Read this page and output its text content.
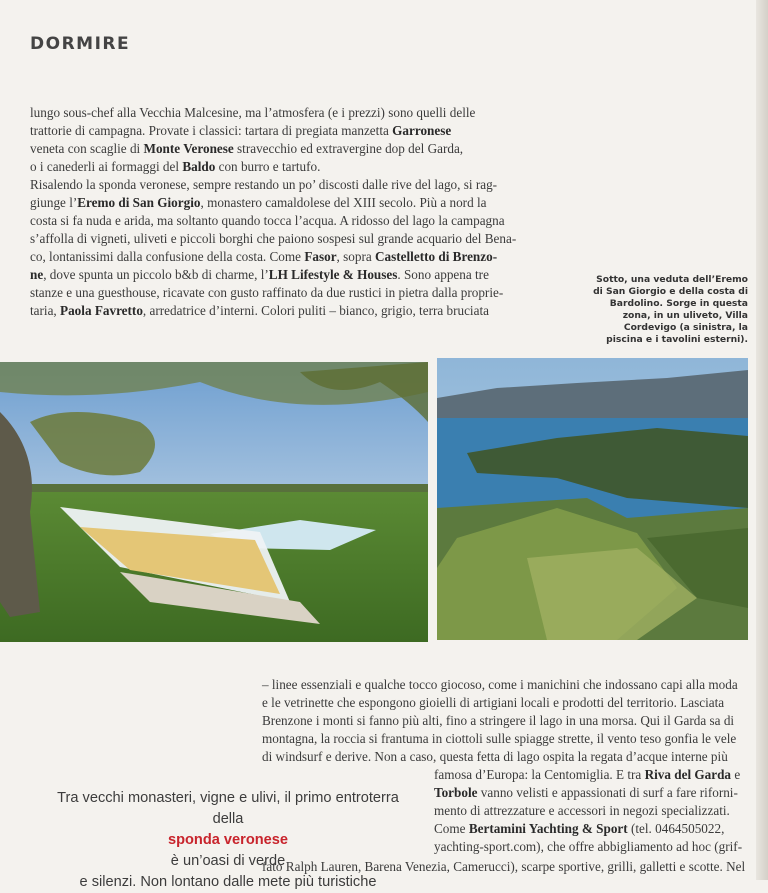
DORMIRE
lungo sous-chef alla Vecchia Malcesine, ma l’atmosfera (e i prezzi) sono quelli delle
trattorie di campagna. Provate i classici: tartara di pregiata manzetta Garronese
veneta con scaglie di Monte Veronese stravecchio ed extravergine dop del Garda,
o i canederli ai formaggi del Baldo con burro e tartufo.
Risalendo la sponda veronese, sempre restando un po’ discosti dalle rive del lago, si rag-
giunge l’Eremo di San Giorgio, monastero camaldolese del XIII secolo. Più a nord la
costa si fa nuda e arida, ma soltanto quando tocca l’acqua. A ridosso del lago la campagna
s’affolla di vigneti, uliveti e piccoli borghi che paiono sospesi sul grande acquario del Bena-
co, lontanissimi dalla confusione della costa. Come Fasor, sopra Castelletto di Brenzo-
ne, dove spunta un piccolo b&b di charme, l’LH Lifestyle & Houses. Sono appena tre
stanze e una guesthouse, ricavate con gusto raffinato da due rustici in pietra dalla proprie-
taria, Paola Favretto, arredatrice d’interni. Colori puliti – bianco, grigio, terra bruciata
Sotto, una veduta dell’Eremo
di San Giorgio e della costa di
Bardolino. Sorge in questa
zona, in un uliveto, Villa
Cordevigo (a sinistra, la
piscina e i tavolini esterni).
– linee essenziali e qualche tocco giocoso, come i manichini che indossano capi alla moda
e le vetrinette che espongono gioielli di artigiani locali e prodotti del territorio. Lasciata
Brenzone i monti si fanno più alti, fino a stringere il lago in una morsa. Qui il Garda sa di
montagna, la roccia si frantuma in ciottoli sulle spiagge strette, il vento teso gonfia le vele
di windsurf e derive. Non a caso, questa fetta di lago ospita la regata d’acque interne più
famosa d’Europa: la Centomiglia. E tra Riva del Garda e
Torbole vanno velisti e appassionati di surf a fare riforni-
mento di attrezzature e accessori in negozi specializzati.
Come Bertamini Yachting & Sport (tel. 0464505022,
yachting-sport.com), che offre abbigliamento ad hoc (grif-
fato Ralph Lauren, Barena Venezia, Camerucci), scarpe sportive, grilli, galletti e scotte. Nel

Tra vecchi monasteri, vigne e ulivi, il primo entroterra
della
sponda veronese
è un’oasi di verde
e silenzi. Non lontano dalle mete più turistiche
